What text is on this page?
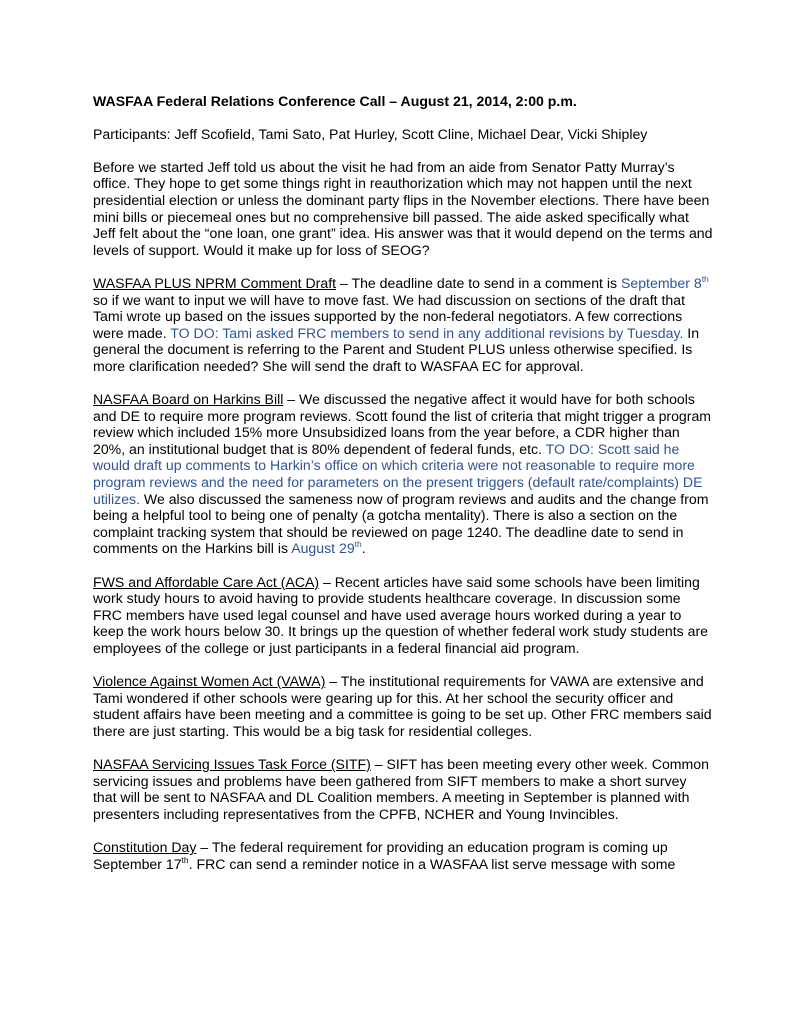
WASFAA Federal Relations Conference Call – August 21, 2014, 2:00 p.m.

Participants: Jeff Scofield, Tami Sato, Pat Hurley, Scott Cline, Michael Dear, Vicki Shipley

Before we started Jeff told us about the visit he had from an aide from Senator Patty Murray’s office. They hope to get some things right in reauthorization which may not happen until the next presidential election or unless the dominant party flips in the November elections. There have been mini bills or piecemeal ones but no comprehensive bill passed. The aide asked specifically what Jeff felt about the “one loan, one grant” idea. His answer was that it would depend on the terms and levels of support. Would it make up for loss of SEOG?

WASFAA PLUS NPRM Comment Draft – The deadline date to send in a comment is September 8th so if we want to input we will have to move fast. We had discussion on sections of the draft that Tami wrote up based on the issues supported by the non-federal negotiators. A few corrections were made. TO DO: Tami asked FRC members to send in any additional revisions by Tuesday. In general the document is referring to the Parent and Student PLUS unless otherwise specified. Is more clarification needed? She will send the draft to WASFAA EC for approval.

NASFAA Board on Harkins Bill – We discussed the negative affect it would have for both schools and DE to require more program reviews. Scott found the list of criteria that might trigger a program review which included 15% more Unsubsidized loans from the year before, a CDR higher than 20%, an institutional budget that is 80% dependent of federal funds, etc. TO DO: Scott said he would draft up comments to Harkin’s office on which criteria were not reasonable to require more program reviews and the need for parameters on the present triggers (default rate/complaints) DE utilizes. We also discussed the sameness now of program reviews and audits and the change from being a helpful tool to being one of penalty (a gotcha mentality). There is also a section on the complaint tracking system that should be reviewed on page 1240. The deadline date to send in comments on the Harkins bill is August 29th.

FWS and Affordable Care Act (ACA) – Recent articles have said some schools have been limiting work study hours to avoid having to provide students healthcare coverage. In discussion some FRC members have used legal counsel and have used average hours worked during a year to keep the work hours below 30. It brings up the question of whether federal work study students are employees of the college or just participants in a federal financial aid program.

Violence Against Women Act (VAWA) – The institutional requirements for VAWA are extensive and Tami wondered if other schools were gearing up for this. At her school the security officer and student affairs have been meeting and a committee is going to be set up. Other FRC members said there are just starting. This would be a big task for residential colleges.

NASFAA Servicing Issues Task Force (SITF) – SIFT has been meeting every other week. Common servicing issues and problems have been gathered from SIFT members to make a short survey that will be sent to NASFAA and DL Coalition members. A meeting in September is planned with presenters including representatives from the CPFB, NCHER and Young Invincibles.

Constitution Day – The federal requirement for providing an education program is coming up September 17th. FRC can send a reminder notice in a WASFAA list serve message with some
